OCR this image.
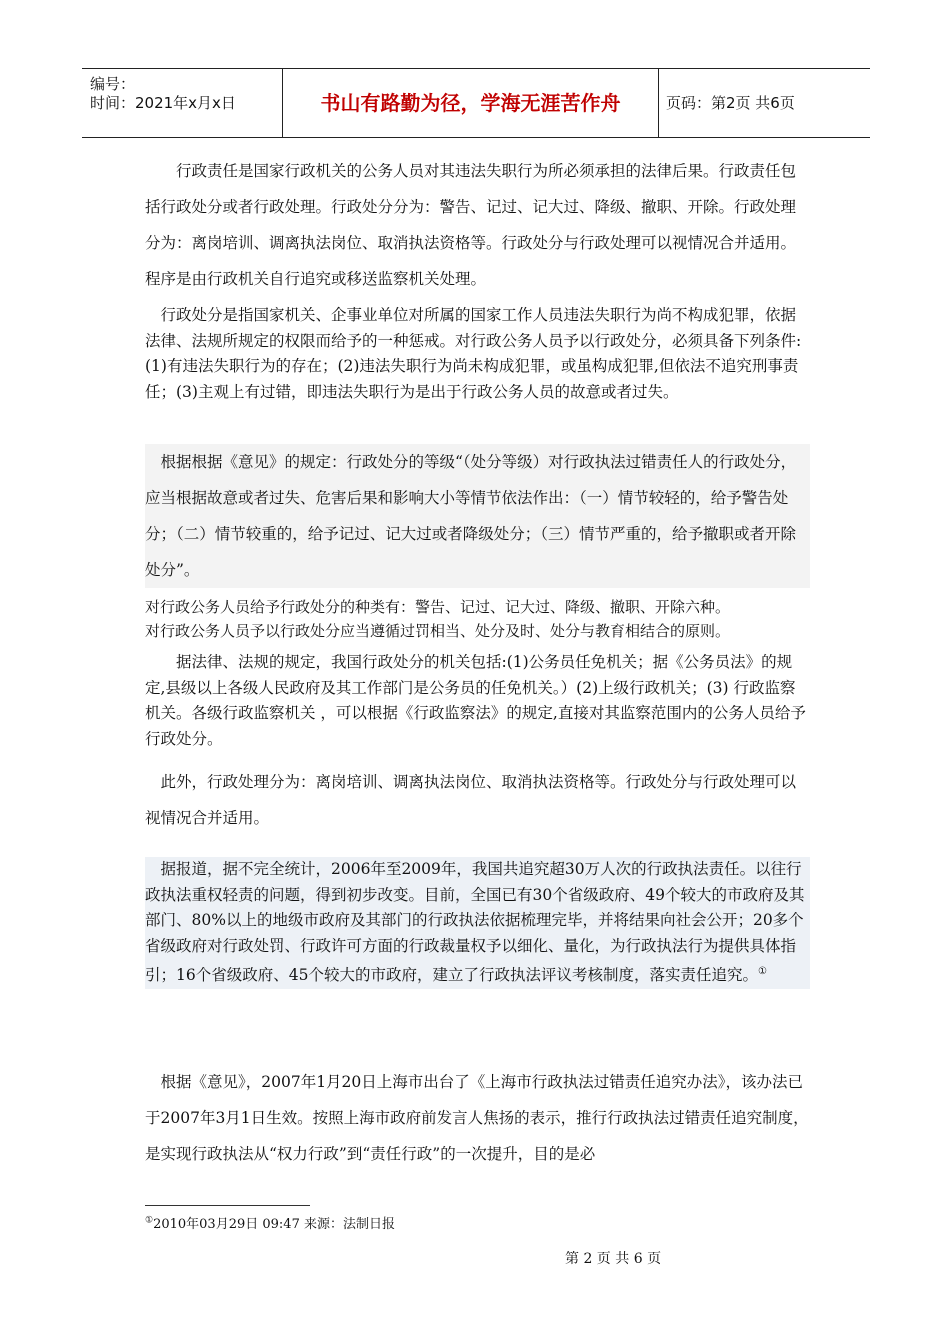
编号：
时间：2021年x月x日	书山有路勤为径，学海无涯苦作舟	页码：第2页 共6页

行政责任是国家行政机关的公务人员对其违法失职行为所必须承担的法律后果。行政责任包括行政处分或者行政处理。行政处分分为：警告、记过、记大过、降级、撤职、开除。行政处理分为：离岗培训、调离执法岗位、取消执法资格等。行政处分与行政处理可以视情况合并适用。程序是由行政机关自行追究或移送监察机关处理。

行政处分是指国家机关、企事业单位对所属的国家工作人员违法失职行为尚不构成犯罪，依据法律、法规所规定的权限而给予的一种惩戒。对行政公务人员予以行政处分，必须具备下列条件:(1)有违法失职行为的存在；(2)违法失职行为尚未构成犯罪，或虽构成犯罪,但依法不追究刑事责任；(3)主观上有过错，即违法失职行为是出于行政公务人员的故意或者过失。

根据根据《意见》的规定：行政处分的等级“（处分等级）对行政执法过错责任人的行政处分，应当根据故意或者过失、危害后果和影响大小等情节依法作出：（一）情节较轻的，给予警告处分；（二）情节较重的，给予记过、记大过或者降级处分；（三）情节严重的，给予撤职或者开除处分”。

对行政公务人员给予行政处分的种类有：警告、记过、记大过、降级、撤职、开除六种。

对行政公务人员予以行政处分应当遵循过罚相当、处分及时、处分与教育相结合的原则。

据法律、法规的规定，我国行政处分的机关包括:(1)公务员任免机关；据《公务员法》的规定,县级以上各级人民政府及其工作部门是公务员的任免机关。）(2)上级行政机关；(3) 行政监察机关。各级行政监察机关 ，可以根据《行政监察法》的规定,直接对其监察范围内的公务人员给予行政处分。

此外，行政处理分为：离岗培训、调离执法岗位、取消执法资格等。行政处分与行政处理可以视情况合并适用。

据报道，据不完全统计，2006年至2009年，我国共追究超30万人次的行政执法责任。以往行政执法重权轻责的问题，得到初步改变。目前，全国已有30个省级政府、49个较大的市政府及其部门、80%以上的地级市政府及其部门的行政执法依据梳理完毕，并将结果向社会公开；20多个省级政府对行政处罚、行政许可方面的行政裁量权予以细化、量化，为行政执法行为提供具体指引；16个省级政府、45个较大的市政府，建立了行政执法评议考核制度，落实责任追究。①

根据《意见》，2007年1月20日上海市出台了《上海市行政执法过错责任追究办法》，该办法已于2007年3月1日生效。按照上海市政府前发言人焦扬的表示，推行行政执法过错责任追究制度，是实现行政执法从“权力行政”到“责任行政”的一次提升，目的是必

①2010年03月29日 09:47 来源：法制日报
第 2 页 共 6 页
